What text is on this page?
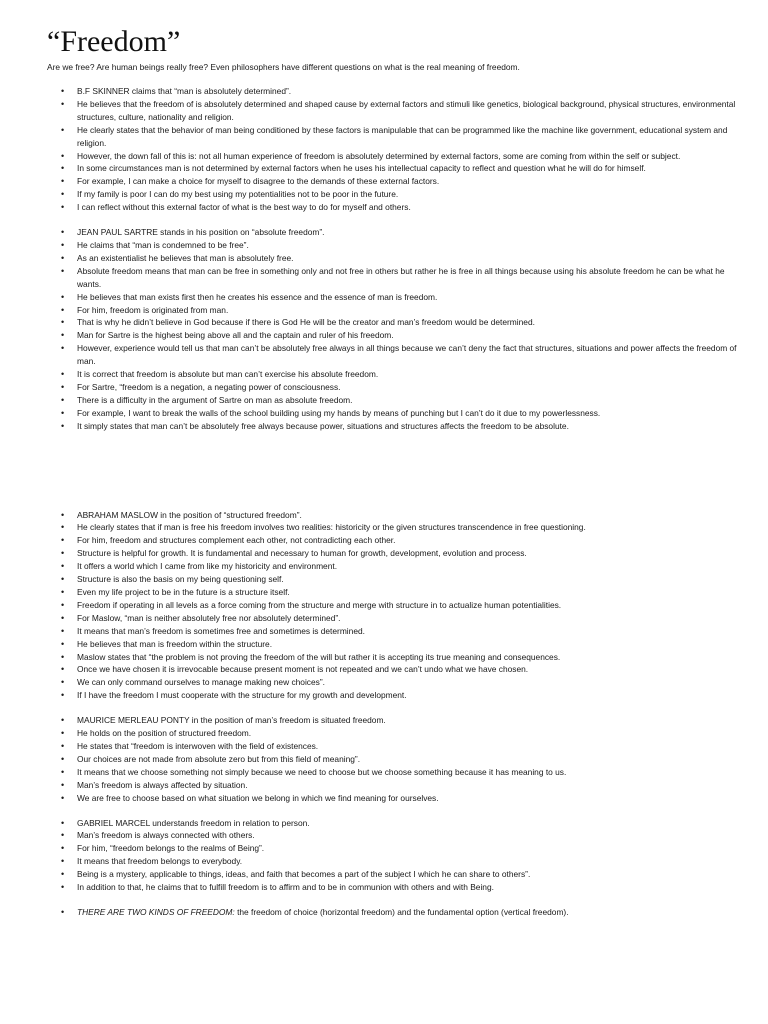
“Freedom”

Are we free? Are human beings really free? Even philosophers have different questions on what is the real meaning of freedom.

• B.F SKINNER claims that “man is absolutely determined”.
• He believes that the freedom of is absolutely determined and shaped cause by external factors and stimuli like genetics, biological background, physical structures, environmental structures, culture, nationality and religion.
• He clearly states that the behavior of man being conditioned by these factors is manipulable that can be programmed like the machine like government, educational system and religion.
• However, the down fall of this is: not all human experience of freedom is absolutely determined by external factors, some are coming from within the self or subject.
• In some circumstances man is not determined by external factors when he uses his intellectual capacity to reflect and question what he will do for himself.
• For example, I can make a choice for myself to disagree to the demands of these external factors.
• If my family is poor I can do my best using my potentialities not to be poor in the future.
• I can reflect without this external factor of what is the best way to do for myself and others.
• JEAN PAUL SARTRE stands in his position on “absolute freedom”.
• He claims that “man is condemned to be free”.
• As an existentialist he believes that man is absolutely free.
• Absolute freedom means that man can be free in something only and not free in others but rather he is free in all things because using his absolute freedom he can be what he wants.
• He believes that man exists first then he creates his essence and the essence of man is freedom.
• For him, freedom is originated from man.
• That is why he didn’t believe in God because if there is God He will be the creator and man’s freedom would be determined.
• Man for Sartre is the highest being above all and the captain and ruler of his freedom.
• However, experience would tell us that man can’t be absolutely free always in all things because we can’t deny the fact that structures, situations and power affects the freedom of man.
• It is correct that freedom is absolute but man can’t exercise his absolute freedom.
• For Sartre, “freedom is a negation, a negating power of consciousness.
• There is a difficulty in the argument of Sartre on man as absolute freedom.
• For example, I want to break the walls of the school building using my hands by means of punching but I can’t do it due to my powerlessness.
• It simply states that man can’t be absolutely free always because power, situations and structures affects the freedom to be absolute.
• ABRAHAM MASLOW in the position of “structured freedom”.
• He clearly states that if man is free his freedom involves two realities: historicity or the given structures transcendence in free questioning.
• For him, freedom and structures complement each other, not contradicting each other.
• Structure is helpful for growth. It is fundamental and necessary to human for growth, development, evolution and process.
• It offers a world which I came from like my historicity and environment.
• Structure is also the basis on my being questioning self.
• Even my life project to be in the future is a structure itself.
• Freedom if operating in all levels as a force coming from the structure and merge with structure in to actualize human potentialities.
• For Maslow, “man is neither absolutely free nor absolutely determined”.
• It means that man’s freedom is sometimes free and sometimes is determined.
• He believes that man is freedom within the structure.
• Maslow states that “the problem is not proving the freedom of the will but rather it is accepting its true meaning and consequences.
• Once we have chosen it is irrevocable because present moment is not repeated and we can’t undo what we have chosen.
• We can only command ourselves to manage making new choices”.
• If I have the freedom I must cooperate with the structure for my growth and development.
• MAURICE MERLEAU PONTY in the position of man’s freedom is situated freedom.
• He holds on the position of structured freedom.
• He states that “freedom is interwoven with the field of existences.
• Our choices are not made from absolute zero but from this field of meaning”.
• It means that we choose something not simply because we need to choose but we choose something because it has meaning to us.
• Man’s freedom is always affected by situation.
• We are free to choose based on what situation we belong in which we find meaning for ourselves.
• GABRIEL MARCEL understands freedom in relation to person.
• Man’s freedom is always connected with others.
• For him, “freedom belongs to the realms of Being”.
• It means that freedom belongs to everybody.
• Being is a mystery, applicable to things, ideas, and faith that becomes a part of the subject I which he can share to others”.
• In addition to that, he claims that to fulfill freedom is to affirm and to be in communion with others and with Being.
• THERE ARE TWO KINDS OF FREEDOM: the freedom of choice (horizontal freedom) and the fundamental option (vertical freedom).
